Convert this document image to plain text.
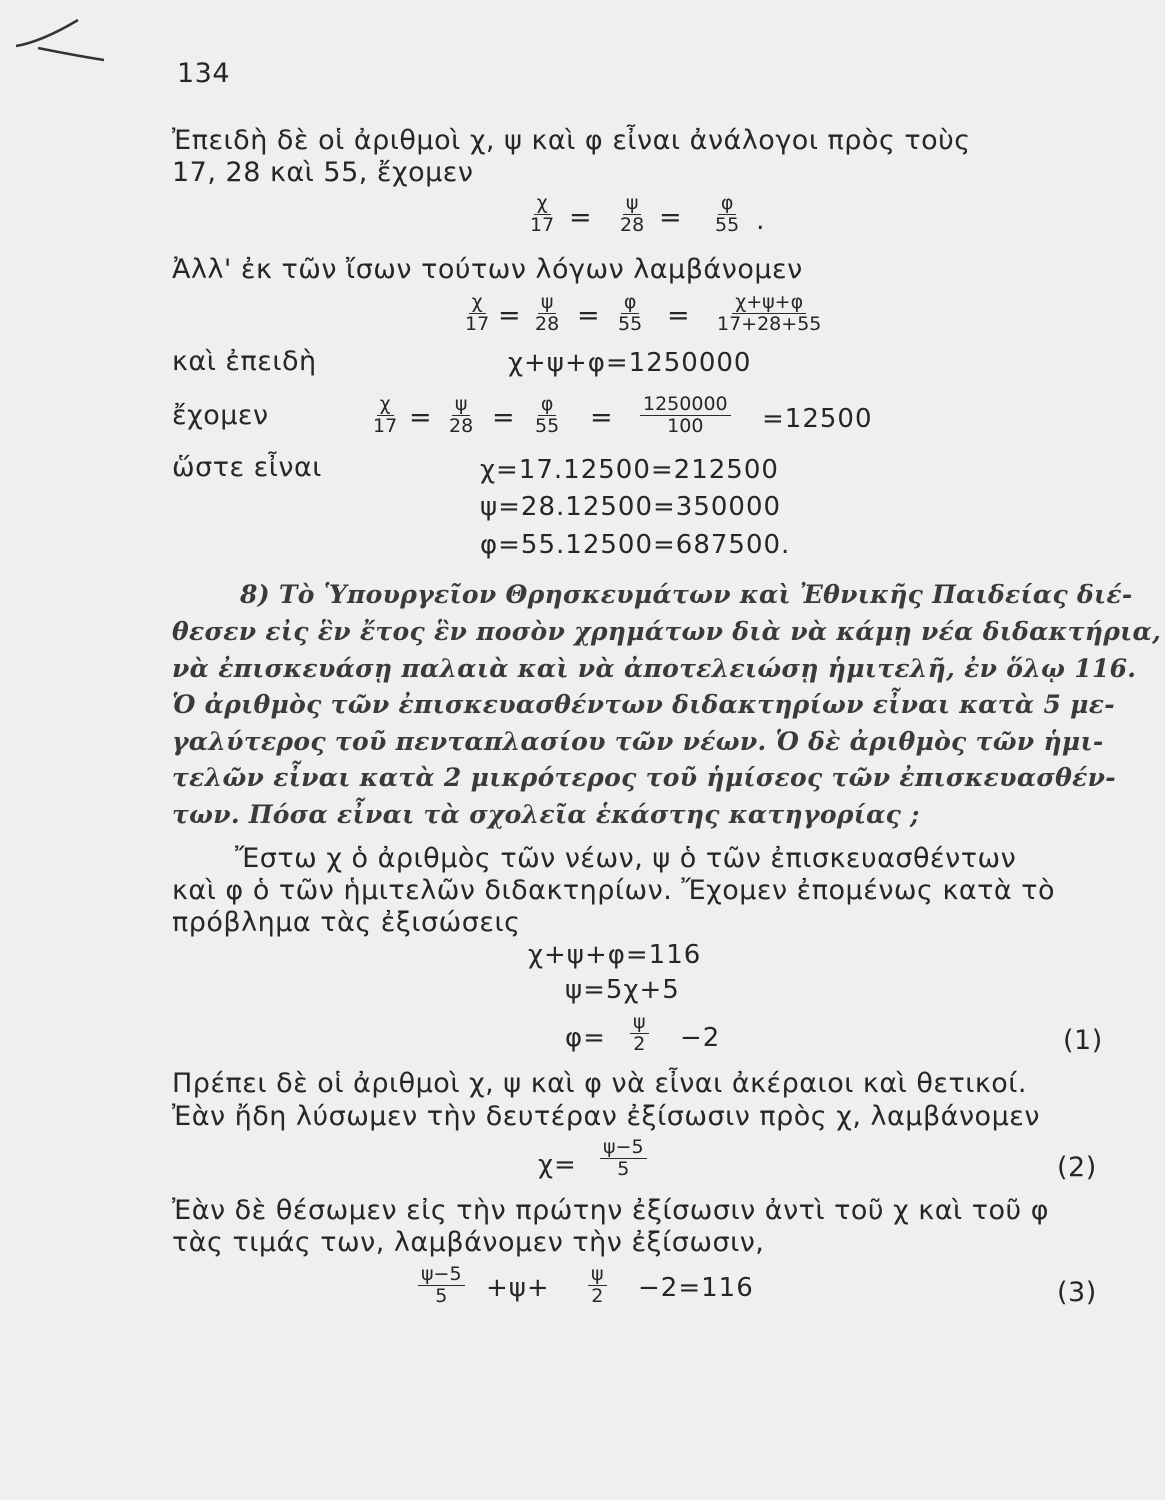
134
Ἐπειδὴ δὲ οἱ ἀριθμοὶ χ, ψ καὶ φ εἶναι ἀνάλογοι πρὸς τοὺς
17, 28 καὶ 55, ἔχομεν
$\frac{\chi}{17} = \frac{\psi}{28} = \frac{\varphi}{55}$ .
Ἀλλ' ἐκ τῶν ἴσων τούτων λόγων λαμβάνομεν
$\frac{\chi}{17} = \frac{\psi}{28} = \frac{\varphi}{55} = \frac{\chi+\psi+\varphi}{17+28+55}$
καὶ ἐπειδὴ	χ+ψ+φ=1250000
ἔχομεν	$\frac{\chi}{17} = \frac{\psi}{28} = \frac{\varphi}{55} = \frac{1250000}{100} =12500$
ὥστε εἶναι	χ=17.12500=212500
ψ=28.12500=350000
φ=55.12500=687500.
8) Τὸ Ὑπουργεῖον Θρησκευμάτων καὶ Ἐθνικῆς Παιδείας διέ-
θεσεν εἰς ἓν ἔτος ἓν ποσὸν χρημάτων διὰ νὰ κάμῃ νέα διδακτήρια,
νὰ ἐπισκευάσῃ παλαιὰ καὶ νὰ ἀποτελειώσῃ ἡμιτελῆ, ἐν ὅλῳ 116.
Ὁ ἀριθμὸς τῶν ἐπισκευασθέντων διδακτηρίων εἶναι κατὰ 5 με-
γαλύτερος τοῦ πενταπλασίου τῶν νέων. Ὁ δὲ ἀριθμὸς τῶν ἡμι-
τελῶν εἶναι κατὰ 2 μικρότερος τοῦ ἡμίσεος τῶν ἐπισκευασθέν-
των. Πόσα εἶναι τὰ σχολεῖα ἑκάστης κατηγορίας ;
Ἔστω χ ὁ ἀριθμὸς τῶν νέων, ψ ὁ τῶν ἐπισκευασθέντων
καὶ φ ὁ τῶν ἡμιτελῶν διδακτηρίων. Ἔχομεν ἐπομένως κατὰ τὸ
πρόβλημα τὰς ἐξισώσεις
χ+ψ+φ=116
ψ=5χ+5
$\varphi= \frac{\psi}{2} -2$	(1)
Πρέπει δὲ οἱ ἀριθμοὶ χ, ψ καὶ φ νὰ εἶναι ἀκέραιοι καὶ θετικοί.
Ἐὰν ἤδη λύσωμεν τὴν δευτέραν ἐξίσωσιν πρὸς χ, λαμβάνομεν
$\chi= \frac{\psi-5}{5}$	(2)
Ἐὰν δὲ θέσωμεν εἰς τὴν πρώτην ἐξίσωσιν ἀντὶ τοῦ χ καὶ τοῦ φ
τὰς τιμάς των, λαμβάνομεν τὴν ἐξίσωσιν,
$\frac{\psi-5}{5} +\psi+ \frac{\psi}{2} -2=116$	(3)
